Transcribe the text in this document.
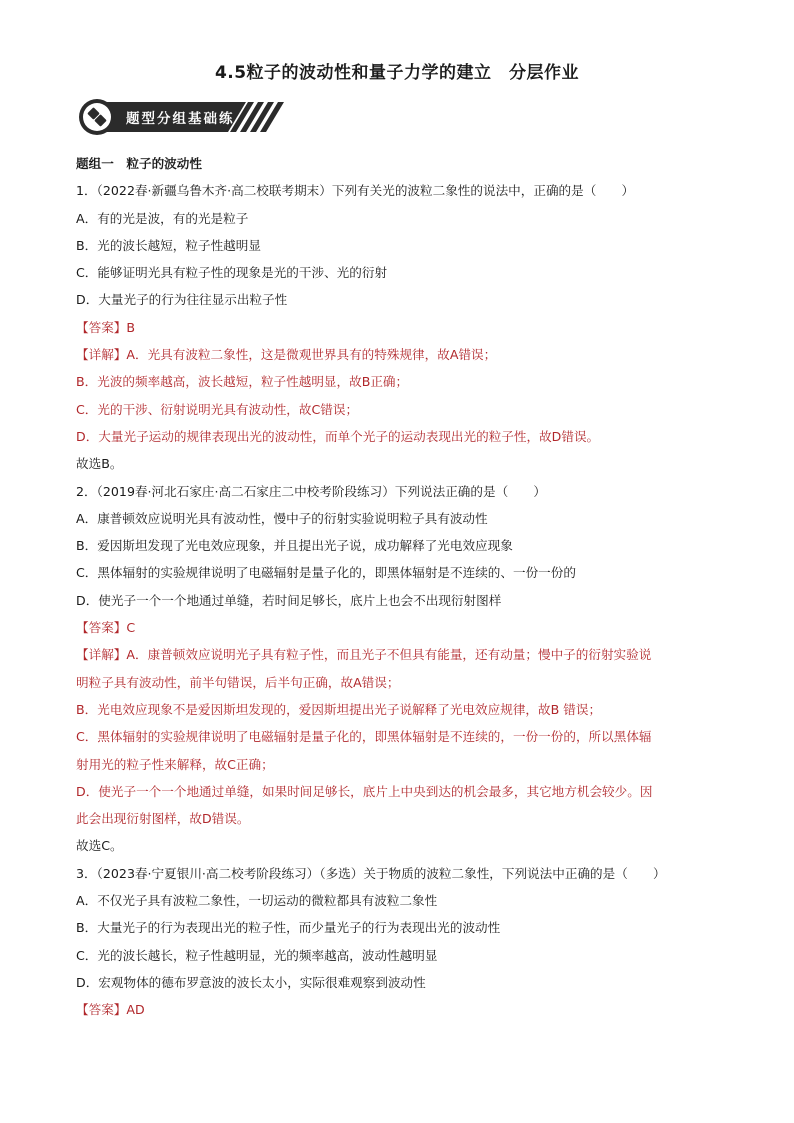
4.5粒子的波动性和量子力学的建立　分层作业
题型分组基础练
题组一　粒子的波动性
1．（2022春·新疆乌鲁木齐·高二校联考期末）下列有关光的波粒二象性的说法中，正确的是（　　）
A．有的光是波，有的光是粒子
B．光的波长越短，粒子性越明显
C．能够证明光具有粒子性的现象是光的干涉、光的衍射
D．大量光子的行为往往显示出粒子性
【答案】B
【详解】A．光具有波粒二象性，这是微观世界具有的特殊规律，故A错误；
B．光波的频率越高，波长越短，粒子性越明显，故B正确；
C．光的干涉、衍射说明光具有波动性，故C错误；
D．大量光子运动的规律表现出光的波动性，而单个光子的运动表现出光的粒子性，故D错误。
故选B。
2．（2019春·河北石家庄·高二石家庄二中校考阶段练习）下列说法正确的是（　　）
A．康普顿效应说明光具有波动性，慢中子的衍射实验说明粒子具有波动性
B．爱因斯坦发现了光电效应现象，并且提出光子说，成功解释了光电效应现象
C．黑体辐射的实验规律说明了电磁辐射是量子化的，即黑体辐射是不连续的、一份一份的
D．使光子一个一个地通过单缝，若时间足够长，底片上也会不出现衍射图样
【答案】C
【详解】A．康普顿效应说明光子具有粒子性，而且光子不但具有能量，还有动量；慢中子的衍射实验说
明粒子具有波动性，前半句错误，后半句正确，故A错误；
B．光电效应现象不是爱因斯坦发现的，爱因斯坦提出光子说解释了光电效应规律，故B 错误；
C．黑体辐射的实验规律说明了电磁辐射是量子化的，即黑体辐射是不连续的，一份一份的，所以黑体辐
射用光的粒子性来解释，故C正确；
D．使光子一个一个地通过单缝，如果时间足够长，底片上中央到达的机会最多，其它地方机会较少。因
此会出现衍射图样，故D错误。
故选C。
3．（2023春·宁夏银川·高二校考阶段练习）（多选）关于物质的波粒二象性，下列说法中正确的是（　　）
A．不仅光子具有波粒二象性，一切运动的微粒都具有波粒二象性
B．大量光子的行为表现出光的粒子性，而少量光子的行为表现出光的波动性
C．光的波长越长，粒子性越明显，光的频率越高，波动性越明显
D．宏观物体的德布罗意波的波长太小，实际很难观察到波动性
【答案】AD
